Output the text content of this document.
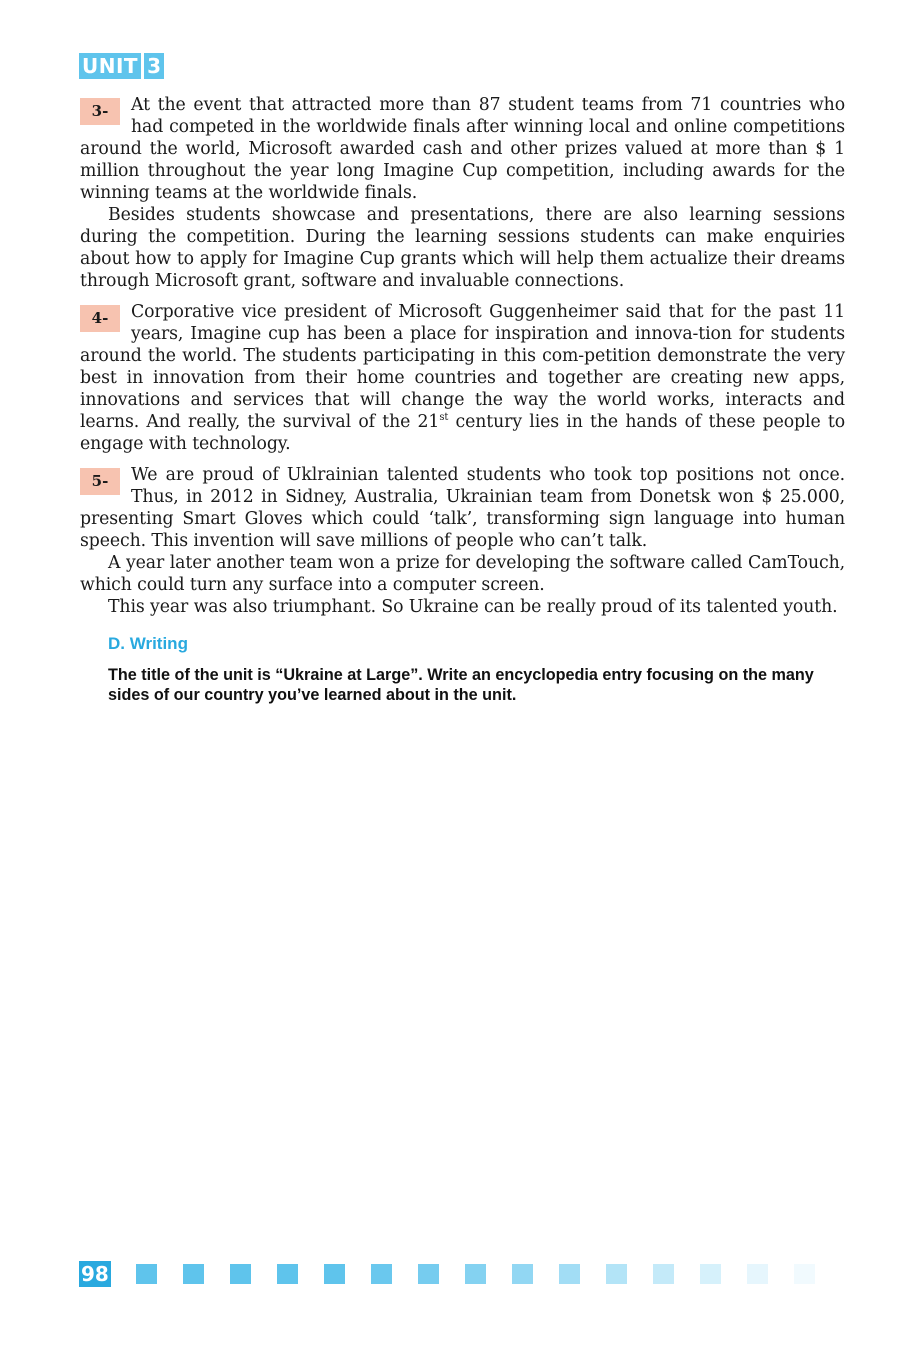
UNIT 3
3-	At the event that attracted more than 87 student teams from 71 countries who had competed in the worldwide finals after winning local and online competitions around the world, Microsoft awarded cash and other prizes valued at more than $ 1 million throughout the year long Imagine Cup competition, including awards for the winning teams at the worldwide finals.

Besides students showcase and presentations, there are also learning sessions during the competition. During the learning sessions students can make enquiries about how to apply for Imagine Cup grants which will help them actualize their dreams through Microsoft grant, software and invaluable connections.

4-	Corporative vice president of Microsoft Guggenheimer said that for the past 11 years, Imagine cup has been a place for inspiration and innova-tion for students around the world. The students participating in this com-petition demonstrate the very best in innovation from their home countries and together are creating new apps, innovations and services that will change the way the world works, interacts and learns. And really, the survival of the 21st century lies in the hands of these people to engage with technology.

5-	We are proud of Uklrainian talented students who took top positions not once. Thus, in 2012 in Sidney, Australia, Ukrainian team from Donetsk won $ 25.000, presenting Smart Gloves which could ‘talk’, transforming sign language into human speech. This invention will save millions of people who can’t talk.

A year later another team won a prize for developing the software called CamTouch, which could turn any surface into a computer screen.

This year was also triumphant. So Ukraine can be really proud of its talented youth.

D. Writing
The title of the unit is “Ukraine at Large”. Write an encyclopedia entry focusing on the many sides of our country you’ve learned about in the unit.
98
